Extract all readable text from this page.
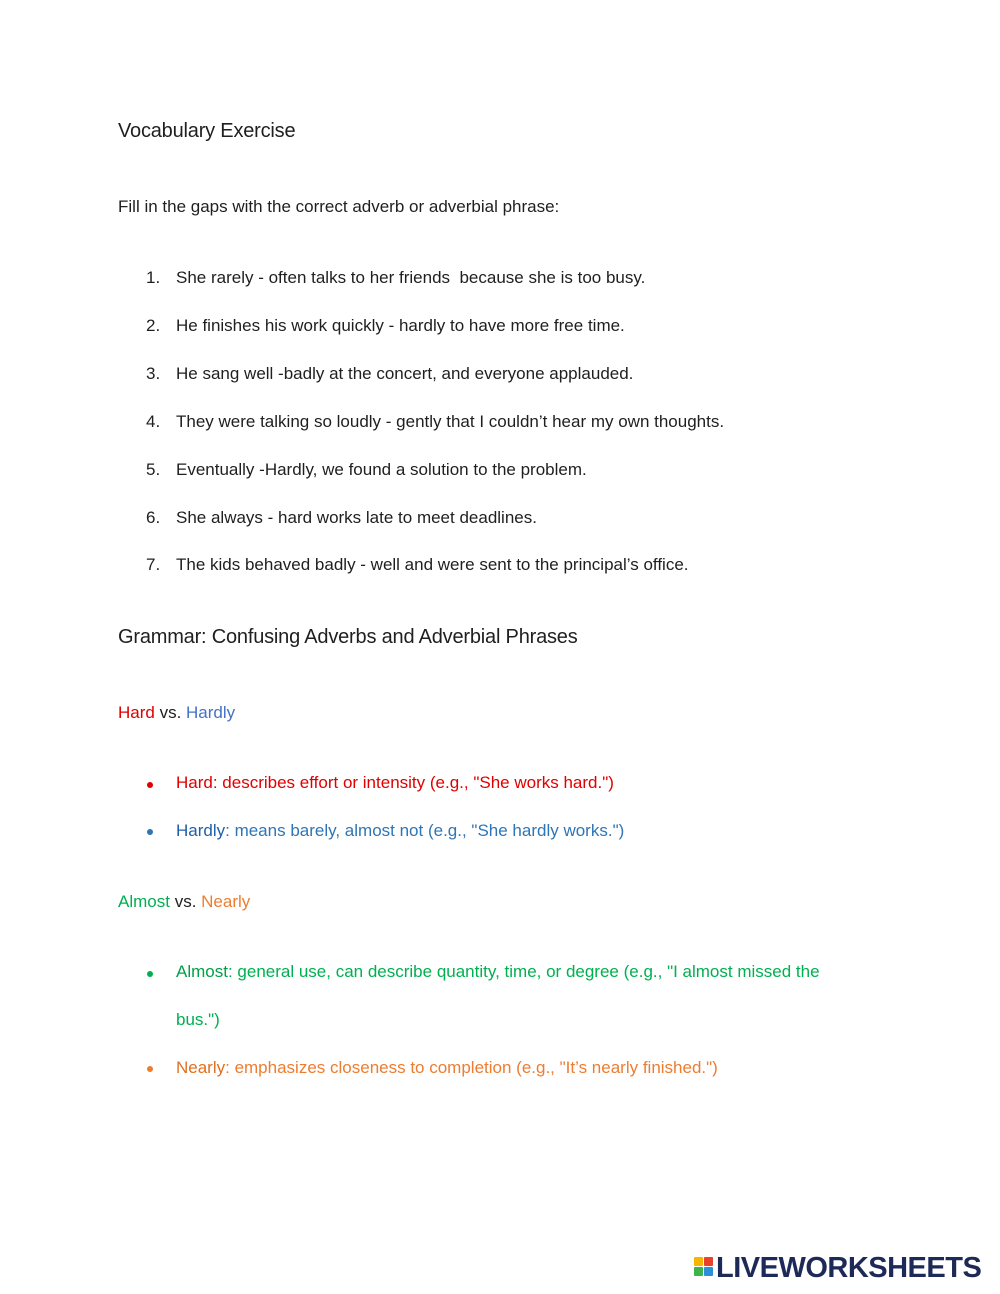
Vocabulary Exercise
Fill in the gaps with the correct adverb or adverbial phrase:
1. She rarely - often talks to her friends  because she is too busy.
2. He finishes his work quickly - hardly to have more free time.
3. He sang well -badly at the concert, and everyone applauded.
4. They were talking so loudly - gently that I couldn’t hear my own thoughts.
5. Eventually -Hardly, we found a solution to the problem.
6. She always - hard works late to meet deadlines.
7. The kids behaved badly - well and were sent to the principal’s office.
Grammar: Confusing Adverbs and Adverbial Phrases
Hard vs. Hardly
Hard: describes effort or intensity (e.g., "She works hard.")
Hardly: means barely, almost not (e.g., "She hardly works.")
Almost vs. Nearly
Almost: general use, can describe quantity, time, or degree (e.g., "I almost missed the
bus.")
Nearly: emphasizes closeness to completion (e.g., "It’s nearly finished.")
LIVEWORKSHEETS
